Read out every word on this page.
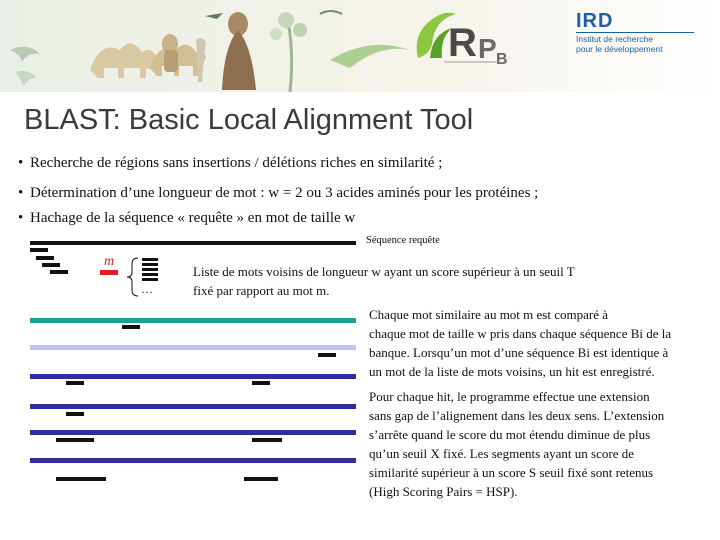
R P B
IRD
Institut de recherche
pour le développement
BLAST: Basic Local Alignment Tool
• Recherche de régions sans insertions / délétions riches en similarité ;
• Détermination d’une longueur de mot : w = 2 ou 3 acides aminés pour les protéines ;
• Hachage de la séquence « requête » en mot de taille w
Séquence requête
m
…
Liste de mots voisins de longueur w ayant un score supérieur à un seuil T
fixé par rapport au mot m.
Chaque mot similaire au mot m est comparé à
chaque mot de taille w pris dans chaque séquence Bi de la
banque. Lorsqu’un mot d’une séquence Bi est identique à
un mot de la liste de mots voisins, un hit est enregistré.
Pour chaque hit, le programme effectue une extension
sans gap de l’alignement dans les deux sens. L’extension
s’arrête quand le score du mot étendu diminue de plus
qu’un seuil X fixé. Les segments ayant un score de
similarité supérieur à un score S seuil fixé sont retenus
(High Scoring Pairs = HSP).
